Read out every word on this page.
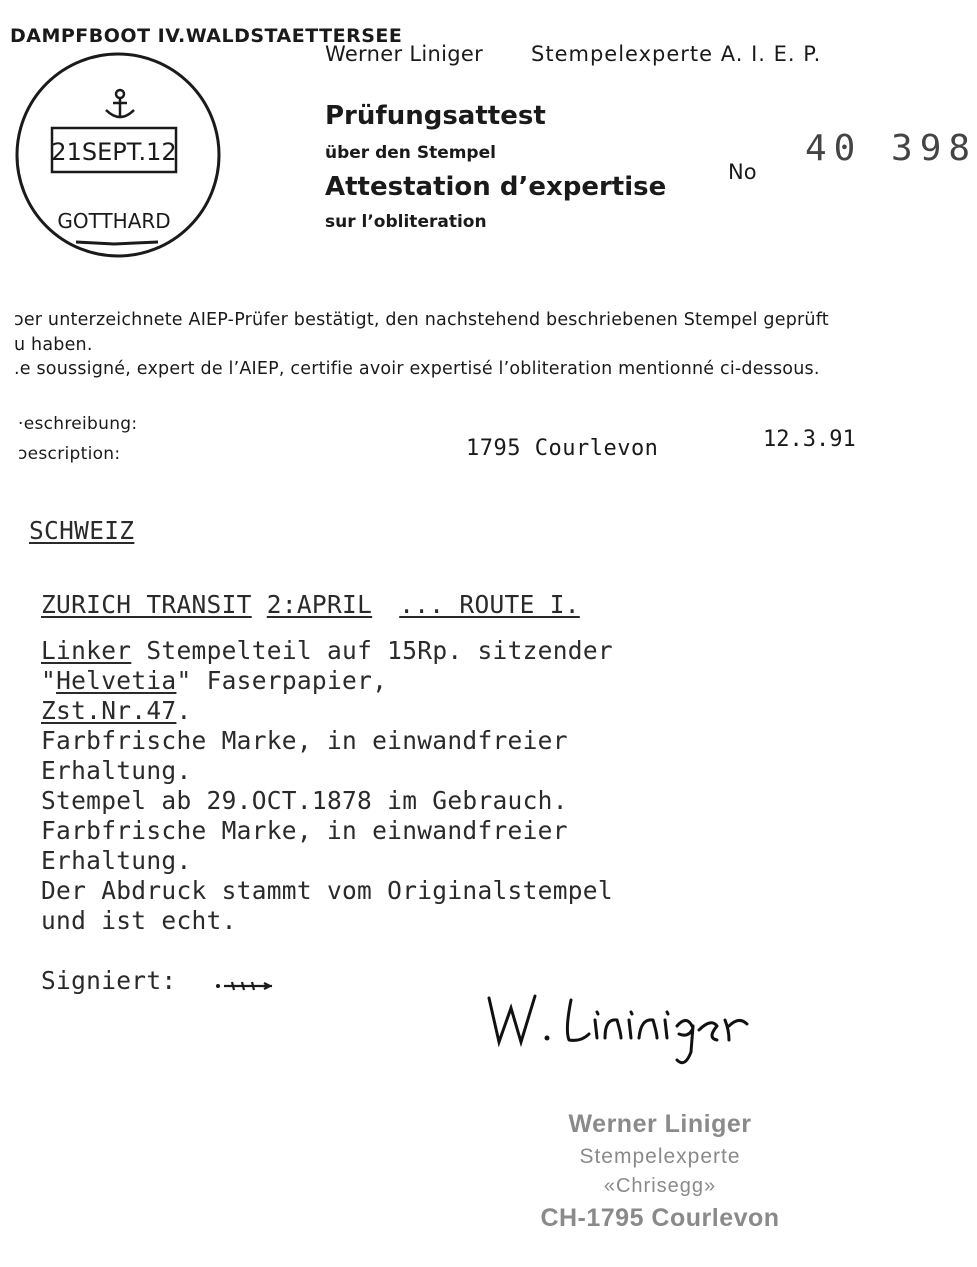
DAMPFBOOT IV.WALDSTAETTERSEE
21SEPT.12
GOTTHARD
Werner Liniger Stempelexperte A. I. E. P.
Prüfungsattest
über den Stempel
Attestation d’expertise
sur l’obliteration
No
40 398
ɔer unterzeichnete AIEP-Prüfer bestätigt, den nachstehend beschriebenen Stempel geprüft
u haben.
.e soussigné, expert de l’AIEP, certifie avoir expertisé l’obliteration mentionné ci-dessous.
·eschreibung:
ɔescription:	1795 Courlevon	12.3.91
SCHWEIZ
ZURICH TRANSIT 2:APRIL ... ROUTE I.
Linker Stempelteil auf 15Rp. sitzender
"Helvetia" Faserpapier,
Zst.Nr.47.
Farbfrische Marke, in einwandfreier
Erhaltung.
Stempel ab 29.OCT.1878 im Gebrauch.
Farbfrische Marke, in einwandfreier
Erhaltung.
Der Abdruck stammt vom Originalstempel
und ist echt.
Signiert:
Werner Liniger
Stempelexperte
«Chrisegg»
CH-1795 Courlevon
